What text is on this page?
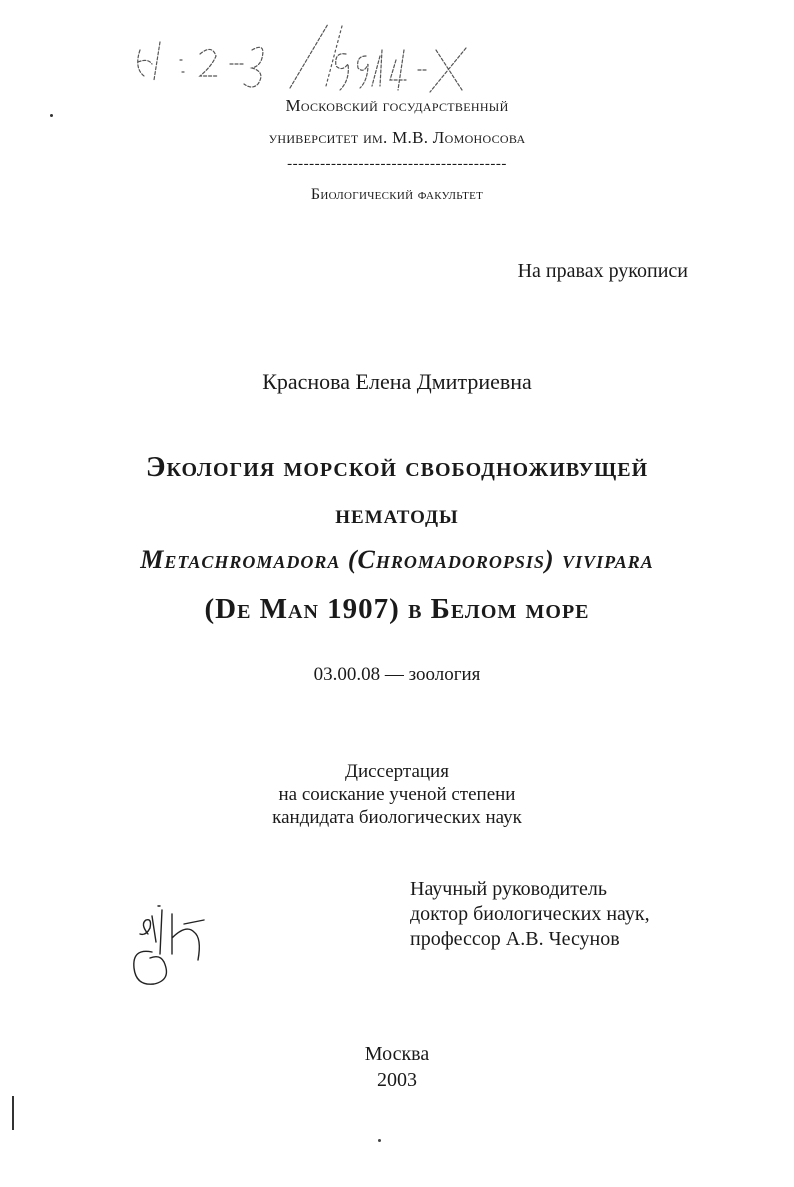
Московский государственный
университет им. М.В. Ломоносова
----------------------------------------
Биологический факультет
На правах рукописи
Краснова Елена Дмитриевна
Экология морской свободноживущей
нематоды
Metachromadora (Chromadoropsis) vivipara
(De Man 1907) в Белом море
03.00.08 — зоология
Диссертация
на соискание ученой степени
кандидата биологических наук
Научный руководитель
доктор биологических наук,
профессор А.В. Чесунов
Москва
2003
